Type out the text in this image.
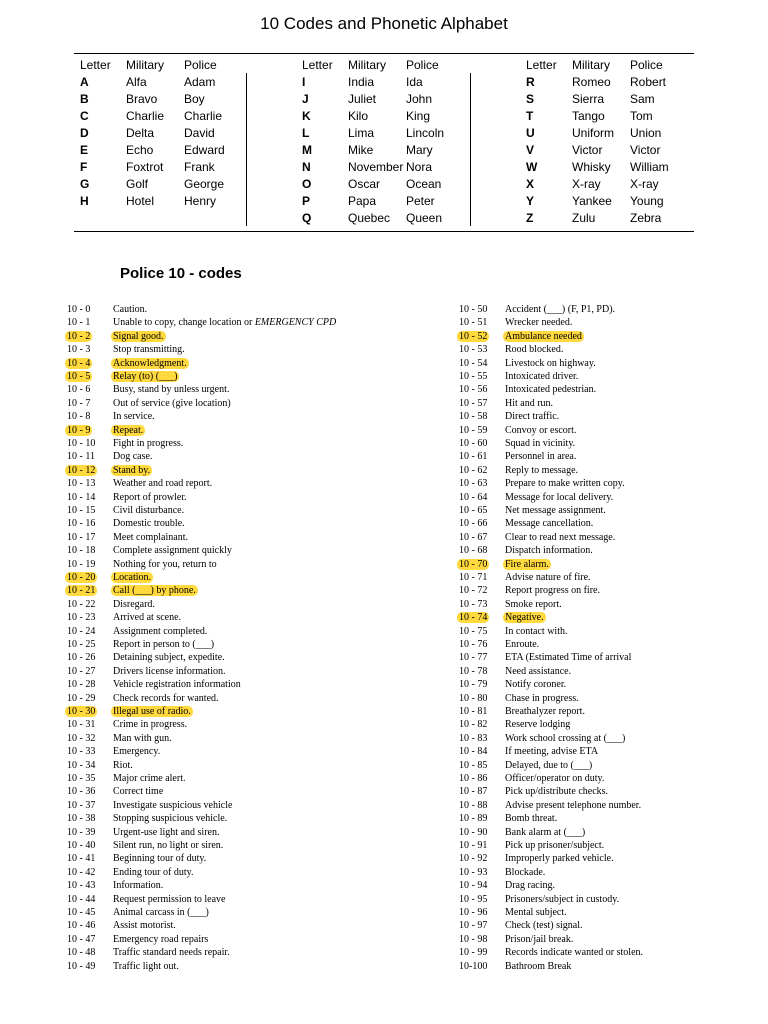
10 Codes and Phonetic Alphabet
Letter Military Police
A	Alfa	Adam
B	Bravo Boy
C	Charlie Charlie
D	Delta David
E	Echo	Edward
F	Foxtrot Frank
G	Golf	George
H	Hotel Henry
Letter Military Police
I	India	Ida
J	Juliet John
K	Kilo	King
L	Lima	Lincoln
M	Mike	Mary
N	November Nora
O	Oscar Ocean
P	Papa Peter
Q	Quebec Queen
Letter Military Police
R	Romeo Robert
S	Sierra Sam
T	Tango Tom
U	Uniform Union
V	Victor Victor
W	Whisky William
X	X-ray X-ray
Y	Yankee Young
Z	Zulu	Zebra
Police 10 - codes
10 - 0 Caution.
10 - 1 Unable to copy, change location or EMERGENCY CPD
10 - 2 Signal good.
10 - 3 Stop transmitting.
10 - 4 Acknowledgment.
10 - 5 Relay (to) (___)
10 - 6 Busy, stand by unless urgent.
10 - 7 Out of service (give location)
10 - 8 In service.
10 - 9 Repeat.
10 - 10 Fight in progress.
10 - 11 Dog case.
10 - 12 Stand by.
10 - 13 Weather and road report.
10 - 14 Report of prowler.
10 - 15 Civil disturbance.
10 - 16 Domestic trouble.
10 - 17 Meet complainant.
10 - 18 Complete assignment quickly
10 - 19 Nothing for you, return to
10 - 20 Location.
10 - 21 Call (___) by phone.
10 - 22 Disregard.
10 - 23 Arrived at scene.
10 - 24 Assignment completed.
10 - 25 Report in person to (___)
10 - 26 Detaining subject, expedite.
10 - 27 Drivers license information.
10 - 28 Vehicle registration information
10 - 29 Check records for wanted.
10 - 30 Illegal use of radio.
10 - 31 Crime in progress.
10 - 32 Man with gun.
10 - 33 Emergency.
10 - 34 Riot.
10 - 35 Major crime alert.
10 - 36 Correct time
10 - 37 Investigate suspicious vehicle
10 - 38 Stopping suspicious vehicle.
10 - 39 Urgent-use light and siren.
10 - 40 Silent run, no light or siren.
10 - 41 Beginning tour of duty.
10 - 42 Ending tour of duty.
10 - 43 Information.
10 - 44 Request permission to leave
10 - 45 Animal carcass in (___)
10 - 46 Assist motorist.
10 - 47 Emergency road repairs
10 - 48 Traffic standard needs repair.
10 - 49 Traffic light out.
10 - 50 Accident (___) (F, P1, PD).
10 - 51 Wrecker needed.
10 - 52 Ambulance needed
10 - 53 Rood blocked.
10 - 54 Livestock on highway.
10 - 55 Intoxicated driver.
10 - 56 Intoxicated pedestrian.
10 - 57 Hit and run.
10 - 58 Direct traffic.
10 - 59 Convoy or escort.
10 - 60 Squad in vicinity.
10 - 61 Personnel in area.
10 - 62 Reply to message.
10 - 63 Prepare to make written copy.
10 - 64 Message for local delivery.
10 - 65 Net message assignment.
10 - 66 Message cancellation.
10 - 67 Clear to read next message.
10 - 68 Dispatch information.
10 - 70 Fire alarm.
10 - 71 Advise nature of fire.
10 - 72 Report progress on fire.
10 - 73 Smoke report.
10 - 74 Negative.
10 - 75 In contact with.
10 - 76 Enroute.
10 - 77 ETA (Estimated Time of arrival
10 - 78 Need assistance.
10 - 79 Notify coroner.
10 - 80 Chase in progress.
10 - 81 Breathalyzer report.
10 - 82 Reserve lodging
10 - 83 Work school crossing at (___)
10 - 84 If meeting, advise ETA
10 - 85 Delayed, due to (___)
10 - 86 Officer/operator on duty.
10 - 87 Pick up/distribute checks.
10 - 88 Advise present telephone number.
10 - 89 Bomb threat.
10 - 90 Bank alarm at (___)
10 - 91 Pick up prisoner/subject.
10 - 92 Improperly parked vehicle.
10 - 93 Blockade.
10 - 94 Drag racing.
10 - 95 Prisoners/subject in custody.
10 - 96 Mental subject.
10 - 97 Check (test) signal.
10 - 98 Prison/jail break.
10 - 99 Records indicate wanted or stolen.
10-100 Bathroom Break
